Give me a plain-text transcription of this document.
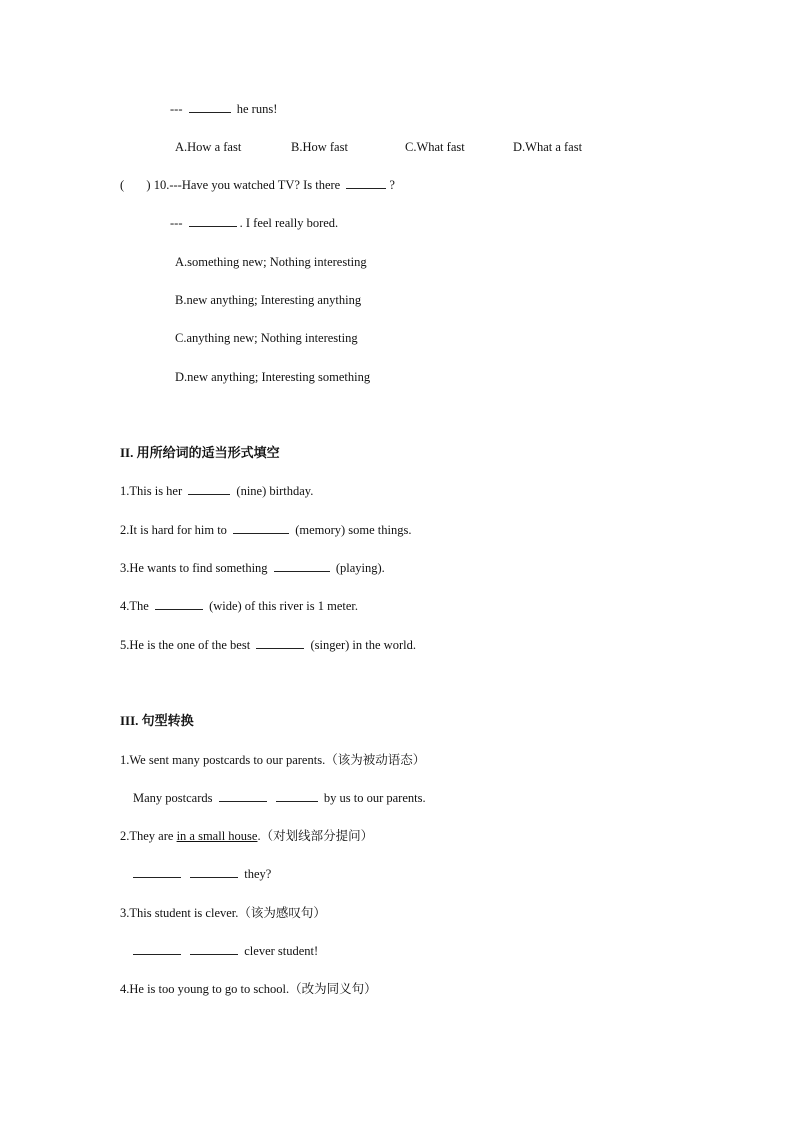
---	he runs!
A.How a fast	B.How fast	C.What fast	D.What a fast
( ) 10.---Have you watched TV? Is there	?
---	. I feel really bored.
A.something new; Nothing interesting
B.new anything; Interesting anything
C.anything new; Nothing interesting
D.new anything; Interesting something
II. 用所给词的适当形式填空
1.This is her	(nine) birthday.
2.It is hard for him to	(memory) some things.
3.He wants to find something	(playing).
4.The	(wide) of this river is 1 meter.
5.He is the one of the best	(singer) in the world.
III. 句型转换
1.We sent many postcards to our parents.（该为被动语态）
Many postcards	by us to our parents.
2.They are in a small house.（对划线部分提问）
they?
3.This student is clever.（该为感叹句）
clever student!
4.He is too young to go to school.（改为同义句）
